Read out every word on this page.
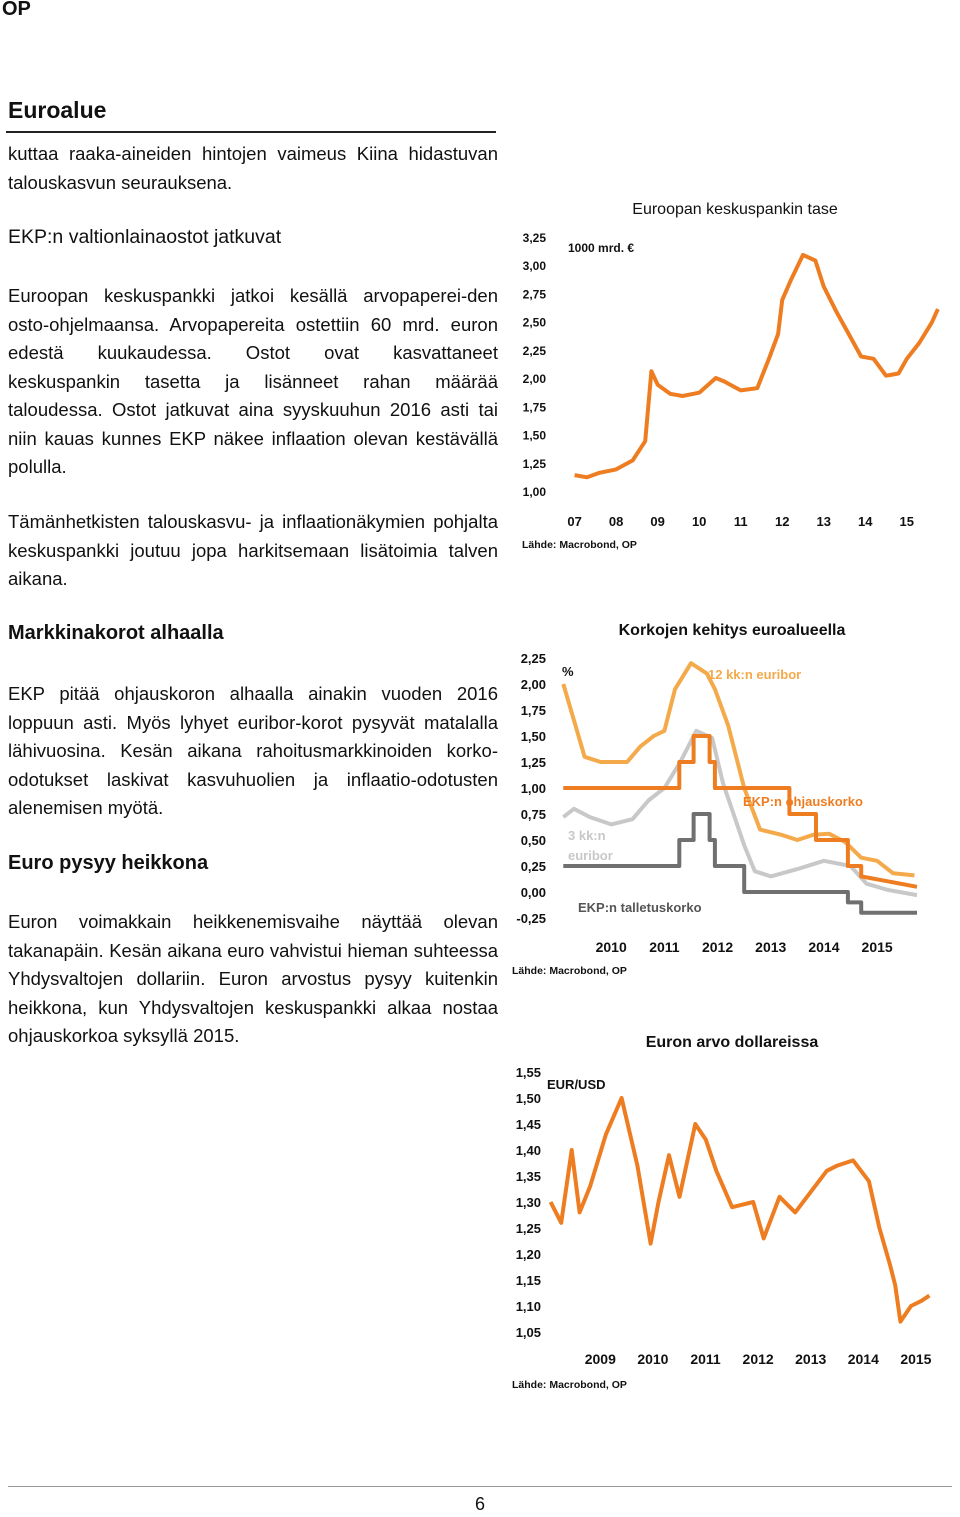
OP
Euroalue
kuttaa raaka-aineiden hintojen vaimeus Kiina hidastuvan talouskasvun seurauksena.
EKP:n valtionlainaostot jatkuvat
Euroopan keskuspankki jatkoi kesällä arvopaperei-den osto-ohjelmaansa. Arvopapereita ostettiin 60 mrd. euron edestä kuukaudessa. Ostot ovat kasvattaneet keskuspankin tasetta ja lisänneet rahan määrää taloudessa. Ostot jatkuvat aina syyskuuhun 2016 asti tai niin kauas kunnes EKP näkee inflaation olevan kestävällä polulla.
Tämänhetkisten talouskasvu- ja inflaationäkymien pohjalta keskuspankki joutuu jopa harkitsemaan lisätoimia talven aikana.
Markkinakorot alhaalla
EKP pitää ohjauskoron alhaalla ainakin vuoden 2016 loppuun asti. Myös lyhyet euribor-korot pysyvät matalalla lähivuosina. Kesän aikana rahoitusmarkkinoiden korko-odotukset laskivat kasvuhuolien ja inflaatio-odotusten alenemisen myötä.
Euro pysyy heikkona
Euron voimakkain heikkenemisvaihe näyttää olevan takanapäin. Kesän aikana euro vahvistui hieman suhteessa Yhdysvaltojen dollariin. Euron arvostus pysyy kuitenkin heikkona, kun Yhdysvaltojen keskuspankki alkaa nostaa ohjauskorkoa syksyllä 2015.
Euroopan keskuspankin tase
1000 mrd. €
3,25
3,00
2,75
2,50
2,25
2,00
1,75
1,50
1,25
1,00
07 08 09 10 11 12 13 14 15
Lähde: Macrobond, OP
Korkojen kehitys euroalueella
%
2,25
2,00
1,75
1,50
1,25
1,00
0,75
0,50
0,25
0,00
-0,25
2010 2011 2012 2013 2014 2015
Lähde: Macrobond, OP
12 kk:n euribor
EKP:n ohjauskorko
3 kk:n
euribor
EKP:n talletuskorko
Euron arvo dollareissa
EUR/USD
1,55
1,50
1,45
1,40
1,35
1,30
1,25
1,20
1,15
1,10
1,05
2009 2010 2011 2012 2013 2014 2015
Lähde: Macrobond, OP
6
